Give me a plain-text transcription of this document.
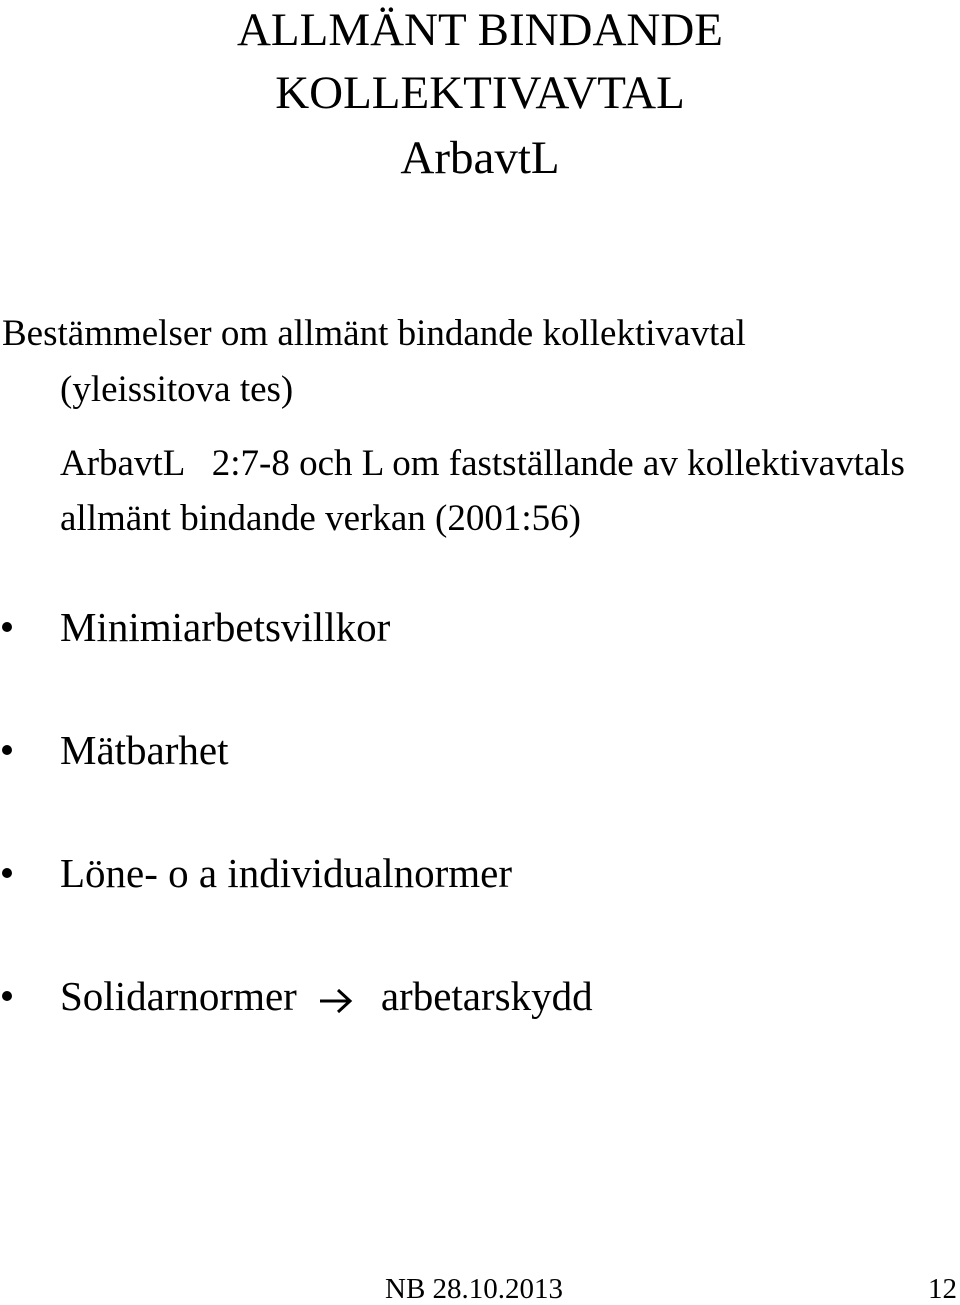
ALLMÄNT BINDANDE
KOLLEKTIVAVTAL
ArbavtL
Bestämmelser om allmänt bindande kollektivavtal
(yleissitova tes)
ArbavtL   2:7-8 och L om fastställande av kollektivavtals
allmänt bindande verkan (2001:56)
Minimiarbetsvillkor
Mätbarhet
Löne- o a individualnormer
Solidarnormer arbetarskydd
NB 28.10.2013	12
